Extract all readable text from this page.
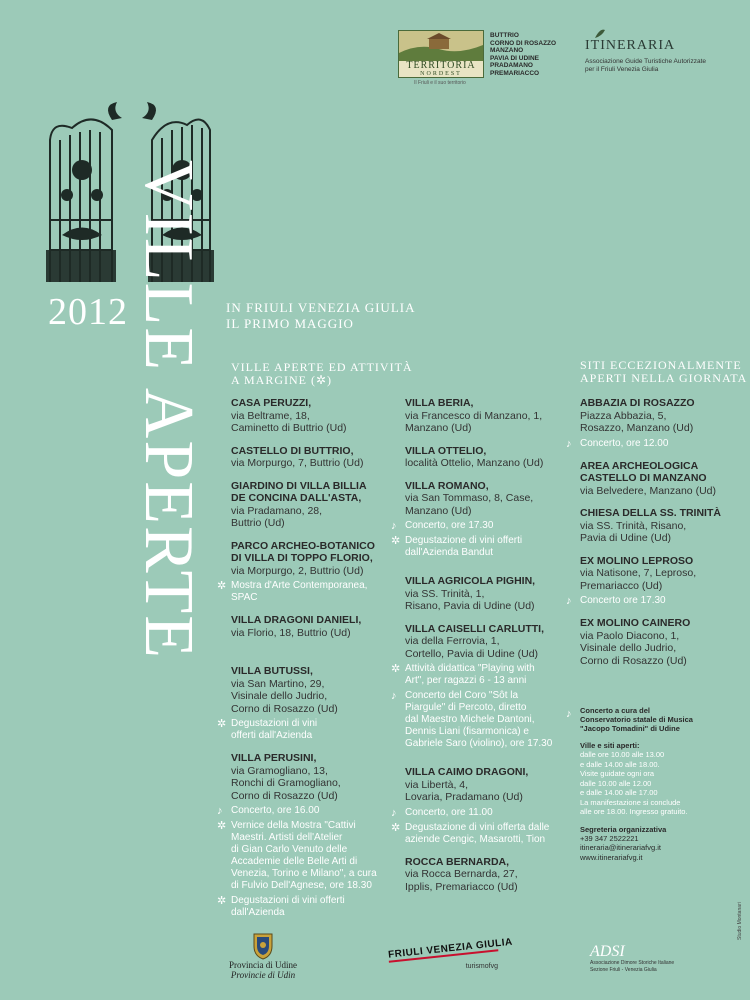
TERRITORIA
NORDEST
Il Friuli e il suo territorio
BUTTRIO
CORNO DI ROSAZZO
MANZANO
PAVIA DI UDINE
PRADAMANO
PREMARIACCO
ITINERARIA
Associazione Guide Turistiche Autorizzate
per il Friuli Venezia Giulia
VILLE APERTE
2012	IN FRIULI VENEZIA GIULIA
IL PRIMO MAGGIO
VILLE APERTE ED ATTIVITÀ
A MARGINE (✲)
SITI ECCEZIONALMENTE
APERTI NELLA GIORNATA
CASA PERUZZI,
via Beltrame, 18,
Caminetto di Buttrio (Ud)
CASTELLO DI BUTTRIO,
via Morpurgo, 7, Buttrio (Ud)
GIARDINO DI VILLA BILLIA
DE CONCINA DALL'ASTA,
via Pradamano, 28,
Buttrio (Ud)
PARCO ARCHEO-BOTANICO
DI VILLA DI TOPPO FLORIO,
via Morpurgo, 2, Buttrio (Ud)
✲ Mostra d'Arte Contemporanea,
SPAC
VILLA DRAGONI DANIELI,
via Florio, 18, Buttrio (Ud)
VILLA BUTUSSI,
via San Martino, 29,
Visinale dello Judrio,
Corno di Rosazzo (Ud)
✲ Degustazioni di vini
offerti dall'Azienda
VILLA PERUSINI,
via Gramogliano, 13,
Ronchi di Gramogliano,
Corno di Rosazzo (Ud)
♪ Concerto, ore 16.00
✲ Vernice della Mostra "Cattivi
Maestri. Artisti dell'Atelier
di Gian Carlo Venuto delle
Accademie delle Belle Arti di
Venezia, Torino e Milano", a cura
di Fulvio Dell'Agnese, ore 18.30
✲ Degustazioni di vini offerti
dall'Azienda
VILLA BERIA,
via Francesco di Manzano, 1,
Manzano (Ud)
VILLA OTTELIO,
località Ottelio, Manzano (Ud)
VILLA ROMANO,
via San Tommaso, 8, Case,
Manzano (Ud)
♪ Concerto, ore 17.30
✲ Degustazione di vini offerti
dall'Azienda Bandut
VILLA AGRICOLA PIGHIN,
via SS. Trinità, 1,
Risano, Pavia di Udine (Ud)
VILLA CAISELLI CARLUTTI,
via della Ferrovia, 1,
Cortello, Pavia di Udine (Ud)
✲ Attività didattica "Playing with
Art", per ragazzi 6 - 13 anni
♪ Concerto del Coro "Sôt la
Piargule" di Percoto, diretto
dal Maestro Michele Dantoni,
Dennis Liani (fisarmonica) e
Gabriele Saro (violino), ore 17.30
VILLA CAIMO DRAGONI,
via Libertà, 4,
Lovaria, Pradamano (Ud)
♪ Concerto, ore 11.00
✲ Degustazione di vini offerta dalle
aziende Cengic, Masarotti, Tion
ROCCA BERNARDA,
via Rocca Bernarda, 27,
Ipplis, Premariacco (Ud)
ABBAZIA DI ROSAZZO
Piazza Abbazia, 5,
Rosazzo, Manzano (Ud)
♪ Concerto, ore 12.00
AREA ARCHEOLOGICA
CASTELLO DI MANZANO
via Belvedere, Manzano (Ud)
CHIESA DELLA SS. TRINITÀ
via SS. Trinità, Risano,
Pavia di Udine (Ud)
EX MOLINO LEPROSO
via Natisone, 7, Leproso,
Premariacco (Ud)
♪ Concerto ore 17.30
EX MOLINO CAINERO
via Paolo Diacono, 1,
Visinale dello Judrio,
Corno di Rosazzo (Ud)
♪ Concerto a cura del
Conservatorio statale di Musica
"Jacopo Tomadini" di Udine
Ville e siti aperti:
dalle ore 10.00 alle 13.00
e dalle 14.00 alle 18.00.
Visite guidate ogni ora
dalle 10.00 alle 12.00
e dalle 14.00 alle 17.00
La manifestazione si conclude
alle ore 18.00. Ingresso gratuito.
Segreteria organizzativa
+39 347 2522221
itineraria@itinerariafvg.it
www.itinerariafvg.it
Provincia di Udine
Provincie di Udin
FRIULI VENEZIA GIULIA
turismofvg
ADSI
Associazione Dimore Storiche Italiane
Sezione Friuli - Venezia Giulia
Studio Montanari
